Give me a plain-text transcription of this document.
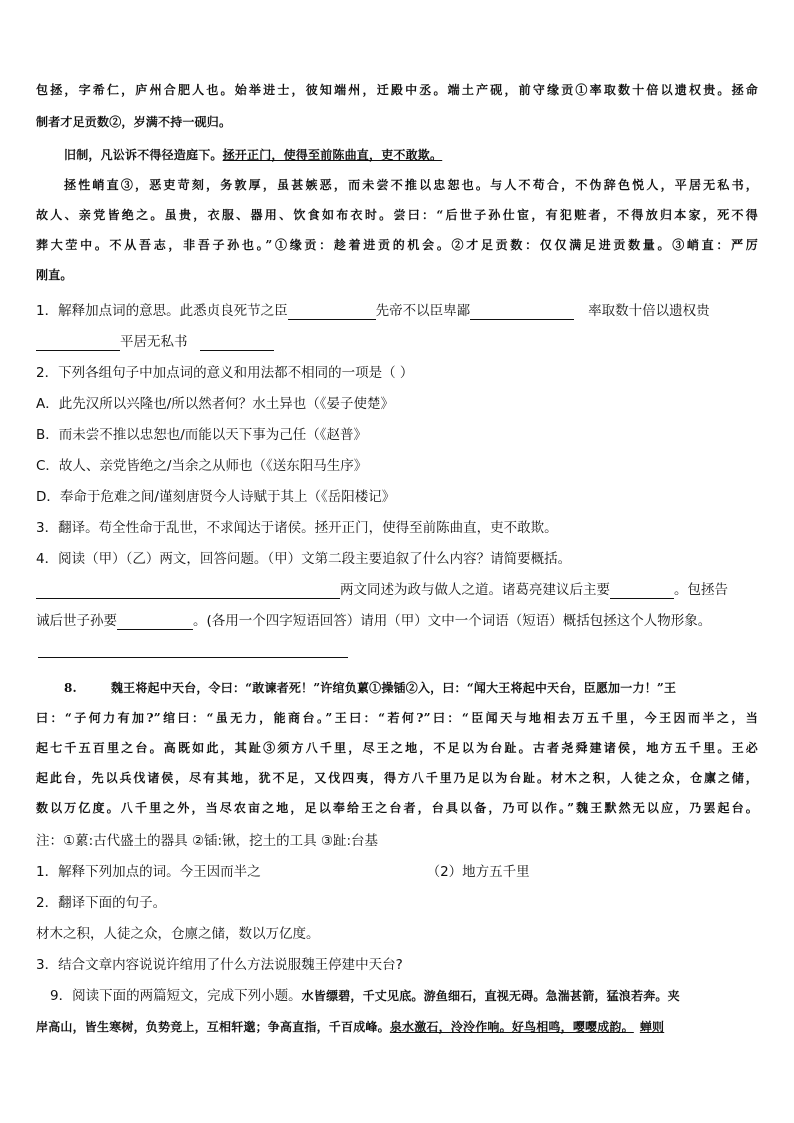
包拯，字希仁，庐州合肥人也。始举进士，彼知端州，迁殿中丞。端土产砚，前守缘贡①率取数十倍以遗权贵。拯命
制者才足贡数②，岁满不持一砚归。
旧制，凡讼诉不得径造庭下。拯开正门，使得至前陈曲直，吏不敢欺。
拯性峭直③，恶吏苛刻，务敦厚，虽甚嫉恶，而未尝不推以忠恕也。与人不苟合，不伪辞色悦人，平居无私书，
故人、亲党皆绝之。虽贵，衣服、器用、饮食如布衣时。尝曰：“后世子孙仕宦，有犯赃者，不得放归本家，死不得
葬大茔中。不从吾志，非吾子孙也。”①缘贡：趁着进贡的机会。②才足贡数：仅仅满足进贡数量。③峭直：严厉
刚直。
1．解释加点词的意思。此悉贞良死节之臣	先帝不以臣卑鄙	率取数十倍以遗权贵
平居无私书
2．下列各组句子中加点词的意义和用法都不相同的一项是（ ）
A．此先汉所以兴隆也/所以然者何？水土异也（《晏子使楚》
B．而未尝不推以忠恕也/而能以天下事为己任（《赵普》
C．故人、亲党皆绝之/当余之从师也（《送东阳马生序》
D．奉命于危难之间/谨刻唐贤今人诗赋于其上（《岳阳楼记》
3．翻译。苟全性命于乱世，不求闻达于诸侯。拯开正门，使得至前陈曲直，吏不敢欺。
4．阅读（甲）（乙）两文，回答问题。（甲）文第二段主要追叙了什么内容？请简要概括。
两文同述为政与做人之道。诸葛亮建议后主要	。包拯告
诫后世子孙要	。(各用一个四字短语回答）请用（甲）文中一个词语（短语）概括包拯这个人物形象。
8.	魏王将起中天台，令曰：“敢谏者死！”许绾负蔂①操锸②入，曰：“闻大王将起中天台，臣愿加一力！”王
曰：“子何力有加?”绾曰：“虽无力，能商台。”王曰：“若何?”曰：“臣闻天与地相去万五千里，今王因而半之，当
起七千五百里之台。高既如此，其趾③须方八千里，尽王之地，不足以为台趾。古者尧舜建诸侯，地方五千里。王必
起此台，先以兵伐诸侯，尽有其地，犹不足，又伐四夷，得方八千里乃足以为台趾。材木之积，人徒之众，仓廪之储，
数以万亿度。八千里之外，当尽农亩之地，足以奉给王之台者，台具以备，乃可以作。”魏王默然无以应，乃罢起台。
注：①蔂:古代盛土的器具 ②锸:锹，挖土的工具 ③趾:台基
1．解释下列加点的词。今王因而半之	（2）地方五千里
2．翻译下面的句子。
材木之积，人徒之众，仓廪之储，数以万亿度。
3．结合文章内容说说许绾用了什么方法说服魏王停建中天台?
9．阅读下面的两篇短文，完成下列小题。水皆缥碧，千丈见底。游鱼细石，直视无碍。急湍甚箭，猛浪若奔。夹
岸高山，皆生寒树，负势竞上，互相轩邈；争高直指，千百成峰。泉水激石，泠泠作响。好鸟相鸣，嘤嘤成韵。 蝉则
